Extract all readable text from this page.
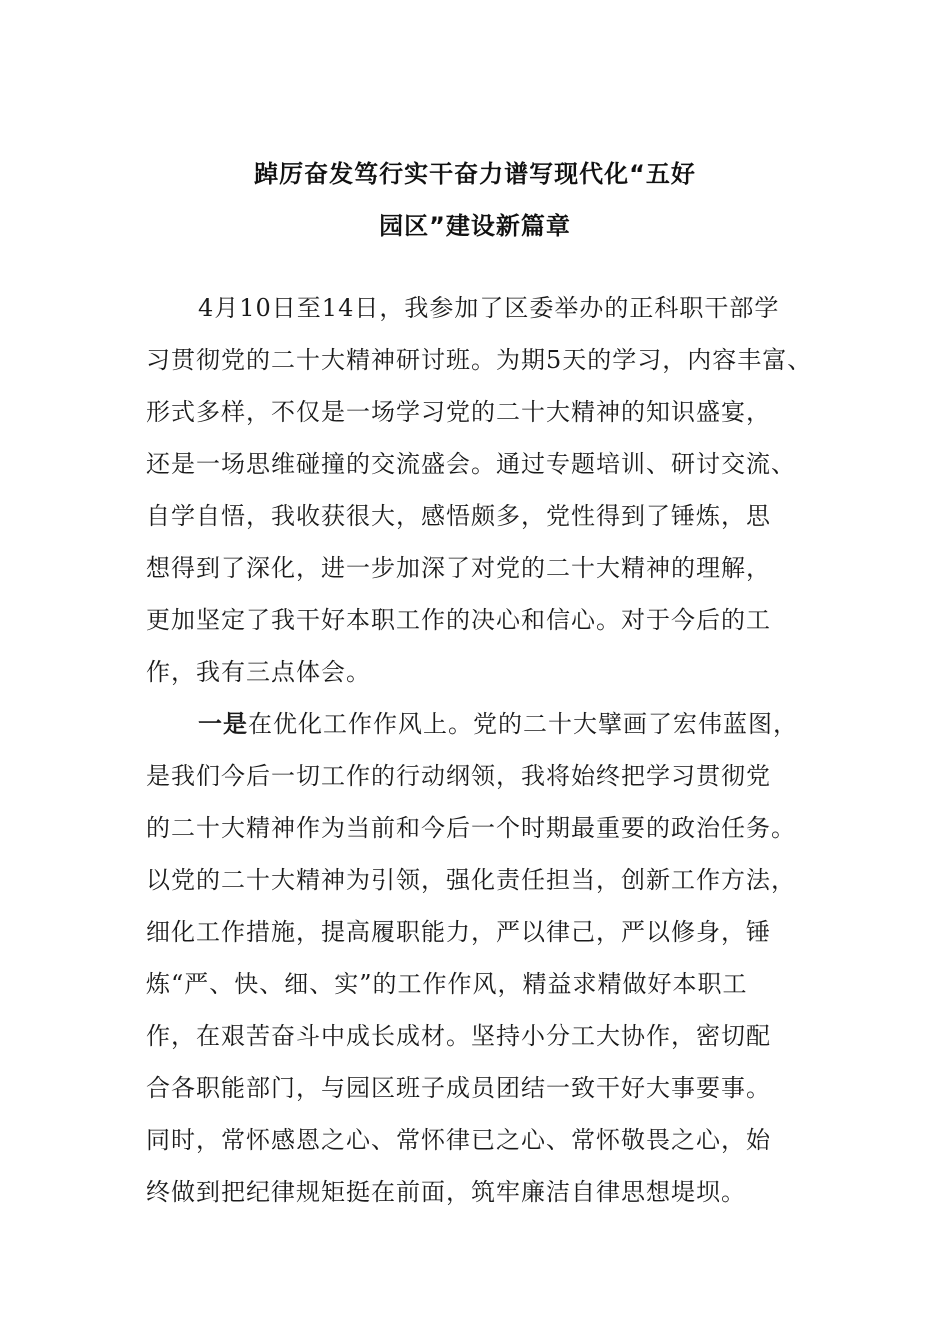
踔厉奋发笃行实干奋力谱写现代化“五好
园区”建设新篇章
4月10日至14日，我参加了区委举办的正科职干部学
习贯彻党的二十大精神研讨班。为期5天的学习，内容丰富、
形式多样，不仅是一场学习党的二十大精神的知识盛宴，
还是一场思维碰撞的交流盛会。通过专题培训、研讨交流、
自学自悟，我收获很大，感悟颇多，党性得到了锤炼，思
想得到了深化，进一步加深了对党的二十大精神的理解，
更加坚定了我干好本职工作的决心和信心。对于今后的工
作，我有三点体会。
一是在优化工作作风上。党的二十大擘画了宏伟蓝图，
是我们今后一切工作的行动纲领，我将始终把学习贯彻党
的二十大精神作为当前和今后一个时期最重要的政治任务。
以党的二十大精神为引领，强化责任担当，创新工作方法，
细化工作措施，提高履职能力，严以律己，严以修身，锤
炼“严、快、细、实”的工作作风，精益求精做好本职工
作，在艰苦奋斗中成长成材。坚持小分工大协作，密切配
合各职能部门，与园区班子成员团结一致干好大事要事。
同时，常怀感恩之心、常怀律已之心、常怀敬畏之心，始
终做到把纪律规矩挺在前面，筑牢廉洁自律思想堤坝。
